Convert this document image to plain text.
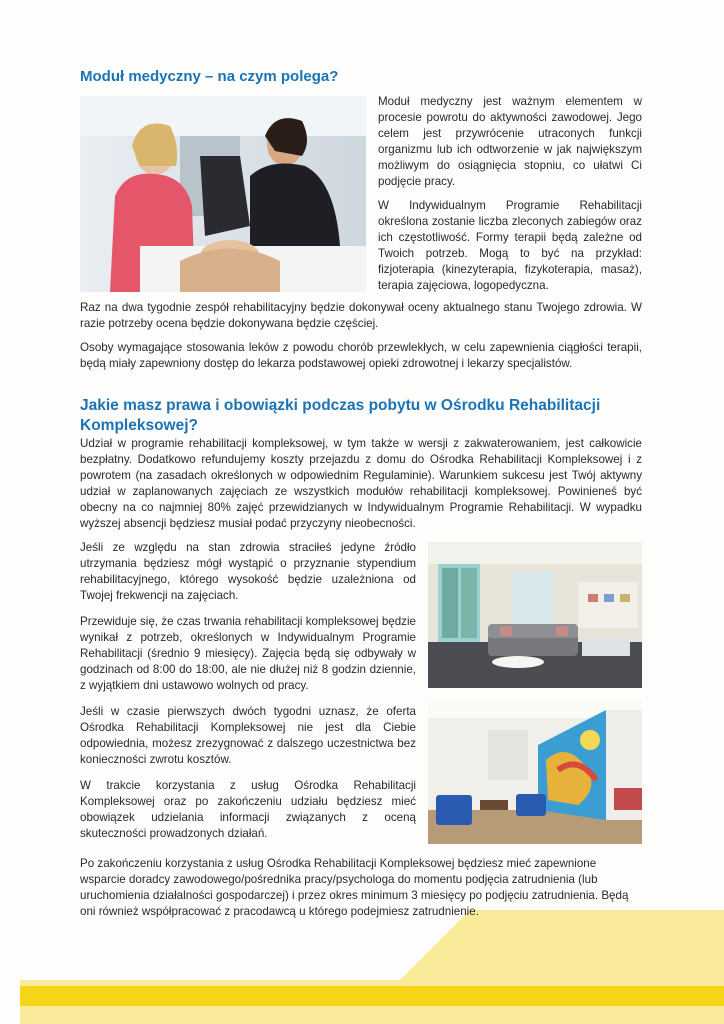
Moduł medyczny – na czym polega?

Moduł medyczny jest ważnym elementem w procesie powrotu do aktywności zawodowej. Jego celem jest przywrócenie utraconych funkcji organizmu lub ich odtworzenie w jak największym możliwym do osiągnięcia stopniu, co ułatwi Ci podjęcie pracy.

W Indywidualnym Programie Rehabilitacji określona zostanie liczba zleconych zabiegów oraz ich częstotliwość. Formy terapii będą zależne od Twoich potrzeb. Mogą to być na przykład: fizjoterapia (kinezyterapia, fizykoterapia, masaż), terapia zajęciowa, logopedyczna.

Raz na dwa tygodnie zespół rehabilitacyjny będzie dokonywał oceny aktualnego stanu Twojego zdrowia. W razie potrzeby ocena będzie dokonywana będzie częściej.

Osoby wymagające stosowania leków z powodu chorób przewlekłych, w celu zapewnienia ciągłości terapii, będą miały zapewniony dostęp do lekarza podstawowej opieki zdrowotnej i lekarzy specjalistów.

Jakie masz prawa i obowiązki podczas pobytu w Ośrodku Rehabilitacji Kompleksowej?
Udział w programie rehabilitacji kompleksowej, w tym także w wersji z zakwaterowaniem, jest całkowicie bezpłatny. Dodatkowo refundujemy koszty przejazdu z domu do Ośrodka Rehabilitacji Kompleksowej i z powrotem (na zasadach określonych w odpowiednim Regulaminie). Warunkiem sukcesu jest Twój aktywny udział w zaplanowanych zajęciach ze wszystkich modułów rehabilitacji kompleksowej. Powinieneś być obecny na co najmniej 80% zajęć przewidzianych w Indywidualnym Programie Rehabilitacji. W wypadku wyższej absencji będziesz musiał podać przyczyny nieobecności.

Jeśli ze względu na stan zdrowia straciłeś jedyne źródło utrzymania będziesz mógł wystąpić o przyznanie stypendium rehabilitacyjnego, którego wysokość będzie uzależniona od Twojej frekwencji na zajęciach.

Przewiduje się, że czas trwania rehabilitacji kompleksowej będzie wynikał z potrzeb, określonych w Indywidualnym Programie Rehabilitacji (średnio 9 miesięcy). Zajęcia będą się odbywały w godzinach od 8:00 do 18:00, ale nie dłużej niż 8 godzin dziennie, z wyjątkiem dni ustawowo wolnych od pracy.

Jeśli w czasie pierwszych dwóch tygodni uznasz, że oferta Ośrodka Rehabilitacji Kompleksowej nie jest dla Ciebie odpowiednia, możesz zrezygnować z dalszego uczestnictwa bez konieczności zwrotu kosztów.

W trakcie korzystania z usług Ośrodka Rehabilitacji Kompleksowej oraz po zakończeniu udziału będziesz mieć obowiązek udzielania informacji związanych z oceną skuteczności prowadzonych działań.

Po zakończeniu korzystania z usług Ośrodka Rehabilitacji Kompleksowej będziesz mieć zapewnione wsparcie doradcy zawodowego/pośrednika pracy/psychologa do momentu podjęcia zatrudnienia (lub uruchomienia działalności gospodarczej) i przez okres minimum 3 miesięcy po podjęciu zatrudnienia. Będą oni również współpracować z pracodawcą u którego podejmiesz zatrudnienie.
